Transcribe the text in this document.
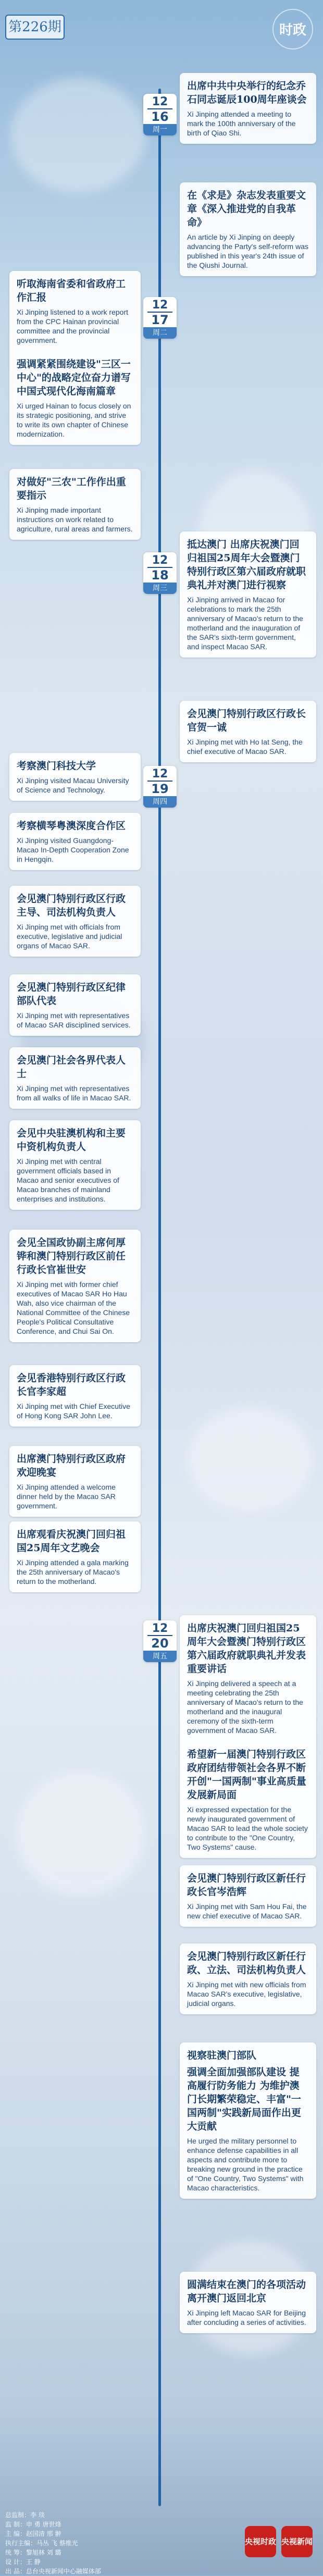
第226期	时政
12
16
周一
12
17
周二
12
18
周三
12
19
周四
12
20
周五
出席中共中央举行的纪念乔石同志诞辰100周年座谈会
Xi Jinping attended a meeting to mark the 100th anniversary of the birth of Qiao Shi.
在《求是》杂志发表重要文章《深入推进党的自我革命》
An article by Xi Jinping on deeply advancing the Party's self-reform was published in this year's 24th issue of the Qiushi Journal.
听取海南省委和省政府工作汇报
Xi Jinping listened to a work report from the CPC Hainan provincial committee and the provincial government.
强调紧紧围绕建设"三区一中心"的战略定位奋力谱写中国式现代化海南篇章
Xi urged Hainan to focus closely on its strategic positioning, and strive to write its own chapter of Chinese modernization.
对做好"三农"工作作出重要指示
Xi Jinping made important instructions on work related to agriculture, rural areas and farmers.
抵达澳门 出席庆祝澳门回归祖国25周年大会暨澳门特别行政区第六届政府就职典礼并对澳门进行视察
Xi Jinping arrived in Macao for celebrations to mark the 25th anniversary of Macao's return to the motherland and the inauguration of the SAR's sixth-term government, and inspect Macao SAR.
会见澳门特别行政区行政长官贺一诚
Xi Jinping met with Ho Iat Seng, the chief executive of Macao SAR.
考察澳门科技大学
Xi Jinping visited Macau University of Science and Technology.
考察横琴粤澳深度合作区
Xi Jinping visited Guangdong-Macao In-Depth Cooperation Zone in Hengqin.
会见澳门特别行政区行政主导、司法机构负责人
Xi Jinping met with officials from executive, legislative and judicial organs of Macao SAR.
会见澳门特别行政区纪律部队代表
Xi Jinping met with representatives of Macao SAR disciplined services.
会见澳门社会各界代表人士
Xi Jinping met with representatives from all walks of life in Macao SAR.
会见中央驻澳机构和主要中资机构负责人
Xi Jinping met with central government officials based in Macao and senior executives of Macao branches of mainland enterprises and institutions.
会见全国政协副主席何厚铧和澳门特别行政区前任行政长官崔世安
Xi Jinping met with former chief executives of Macao SAR Ho Hau Wah, also vice chairman of the National Committee of the Chinese People's Political Consultative Conference, and Chui Sai On.
会见香港特别行政区行政长官李家超
Xi Jinping met with Chief Executive of Hong Kong SAR John Lee.
出席澳门特别行政区政府欢迎晚宴
Xi Jinping attended a welcome dinner held by the Macao SAR government.
出席观看庆祝澳门回归祖国25周年文艺晚会
Xi Jinping attended a gala marking the 25th anniversary of Macao's return to the motherland.
出席庆祝澳门回归祖国25周年大会暨澳门特别行政区第六届政府就职典礼并发表重要讲话
Xi Jinping delivered a speech at a meeting celebrating the 25th anniversary of Macao's return to the motherland and the inaugural ceremony of the sixth-term government of Macao SAR.
希望新一届澳门特别行政区政府团结带领社会各界不断开创"一国两制"事业高质量发展新局面
Xi expressed expectation for the newly inaugurated government of Macao SAR to lead the whole society to contribute to the "One Country, Two Systems" cause.
会见澳门特别行政区新任行政长官岑浩辉
Xi Jinping met with Sam Hou Fai, the new chief executive of Macao SAR.
会见澳门特别行政区新任行政、立法、司法机构负责人
Xi Jinping met with new officials from Macao SAR's executive, legislative, judicial organs.
视察驻澳门部队
强调全面加强部队建设 提高履行防务能力 为维护澳门长期繁荣稳定、丰富"一国两制"实践新局面作出更大贡献
He urged the military personnel to enhance defense capabilities in all aspects and contribute more to breaking new ground in the practice of "One Country, Two Systems" with Macao characteristics.
圆满结束在澳门的各项活动 离开澳门返回北京
Xi Jinping left Macao SAR for Beijing after concluding a series of activities.
总监制：李 琰
监 制：申 勇 唐世烽
主 编：赵国清 邢 翀
执行主编：马丛 飞 蔡维光
统 筹：黎旭林 刘 璐
设 计：王 静
出 品：总台央视新闻中心融媒体部
央视时政 央视新闻
